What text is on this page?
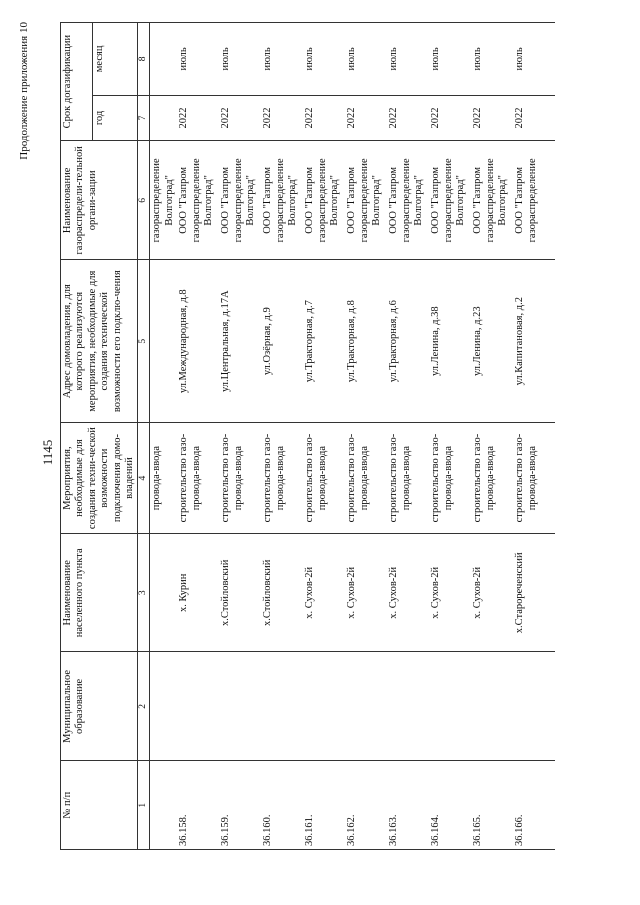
Продолжение приложения 10
1145
№ п/п	Муниципальное образование	Наименование населенного пункта	Мероприятия, необходимые для создания техни-ческой возможности подключения домо-владений	Адрес домовладения, для которого реализуются мероприятия, необходимые для создания технической возможности его подклю-чения	Наименование газораспредели-тельной органи-зации	Срок догазификации	
						год	месяц
1	2	3	4	5	6	7	8
			провода-ввода		газораспределение Волгоград"		
36.158.		х. Курин	строительство газо-провода-ввода	ул.Международная, д.8	ООО "Газпром газораспределение Волгоград"	2022	июль
36.159.		х.Стойловский	строительство газо-провода-ввода	ул.Центральная, д.17А	ООО "Газпром газораспределение Волгоград"	2022	июль
36.160.		х.Стойловский	строительство газо-провода-ввода	ул.Озёрная, д.9	ООО "Газпром газораспределение Волгоград"	2022	июль
36.161.		х. Сухов-2й	строительство газо-провода-ввода	ул.Тракторная, д.7	ООО "Газпром газораспределение Волгоград"	2022	июль
36.162.		х. Сухов-2й	строительство газо-провода-ввода	ул.Тракторная, д.8	ООО "Газпром газораспределение Волгоград"	2022	июль
36.163.		х. Сухов-2й	строительство газо-провода-ввода	ул.Тракторная, д.6	ООО "Газпром газораспределение Волгоград"	2022	июль
36.164.		х. Сухов-2й	строительство газо-провода-ввода	ул.Ленина, д.38	ООО "Газпром газораспределение Волгоград"	2022	июль
36.165.		х. Сухов-2й	строительство газо-провода-ввода	ул.Ленина, д.23	ООО "Газпром газораспределение Волгоград"	2022	июль
36.166.		х.Старореченский	строительство газо-провода-ввода	ул.Капитановая, д.2	ООО "Газпром газораспределение	2022	июль
